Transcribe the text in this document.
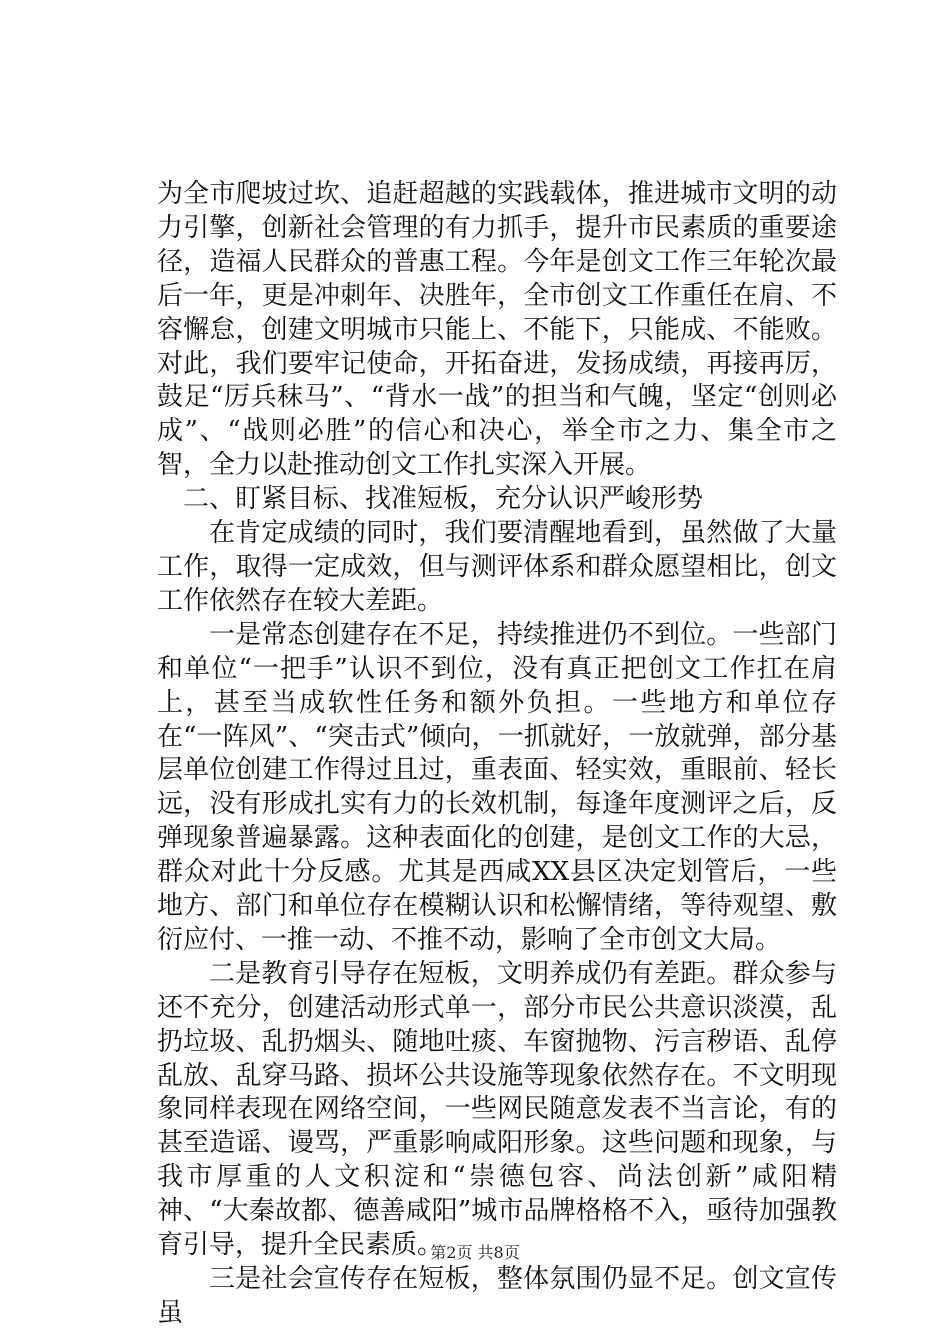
为全市爬坡过坎、追赶超越的实践载体，推进城市文明的动力引擎，创新社会管理的有力抓手，提升市民素质的重要途径，造福人民群众的普惠工程。今年是创文工作三年轮次最后一年，更是冲刺年、决胜年，全市创文工作重任在肩、不容懈怠，创建文明城市只能上、不能下，只能成、不能败。对此，我们要牢记使命，开拓奋进，发扬成绩，再接再厉，鼓足“厉兵秣马”、“背水一战”的担当和气魄，坚定“创则必成”、“战则必胜”的信心和决心，举全市之力、集全市之智，全力以赴推动创文工作扎实深入开展。

二、盯紧目标、找准短板，充分认识严峻形势

在肯定成绩的同时，我们要清醒地看到，虽然做了大量工作，取得一定成效，但与测评体系和群众愿望相比，创文工作依然存在较大差距。

一是常态创建存在不足，持续推进仍不到位。一些部门和单位“一把手”认识不到位，没有真正把创文工作扛在肩上，甚至当成软性任务和额外负担。一些地方和单位存在“一阵风”、“突击式”倾向，一抓就好，一放就弹，部分基层单位创建工作得过且过，重表面、轻实效，重眼前、轻长远，没有形成扎实有力的长效机制，每逢年度测评之后，反弹现象普遍暴露。这种表面化的创建，是创文工作的大忌，群众对此十分反感。尤其是西咸XX县区决定划管后，一些地方、部门和单位存在模糊认识和松懈情绪，等待观望、敷衍应付、一推一动、不推不动，影响了全市创文大局。

二是教育引导存在短板，文明养成仍有差距。群众参与还不充分，创建活动形式单一，部分市民公共意识淡漠，乱扔垃圾、乱扔烟头、随地吐痰、车窗抛物、污言秽语、乱停乱放、乱穿马路、损坏公共设施等现象依然存在。不文明现象同样表现在网络空间，一些网民随意发表不当言论，有的甚至造谣、谩骂，严重影响咸阳形象。这些问题和现象，与我市厚重的人文积淀和“崇德包容、尚法创新”咸阳精神、“大秦故都、德善咸阳”城市品牌格格不入，亟待加强教育引导，提升全民素质。

三是社会宣传存在短板，整体氛围仍显不足。创文宣传虽

第2页 共8页
